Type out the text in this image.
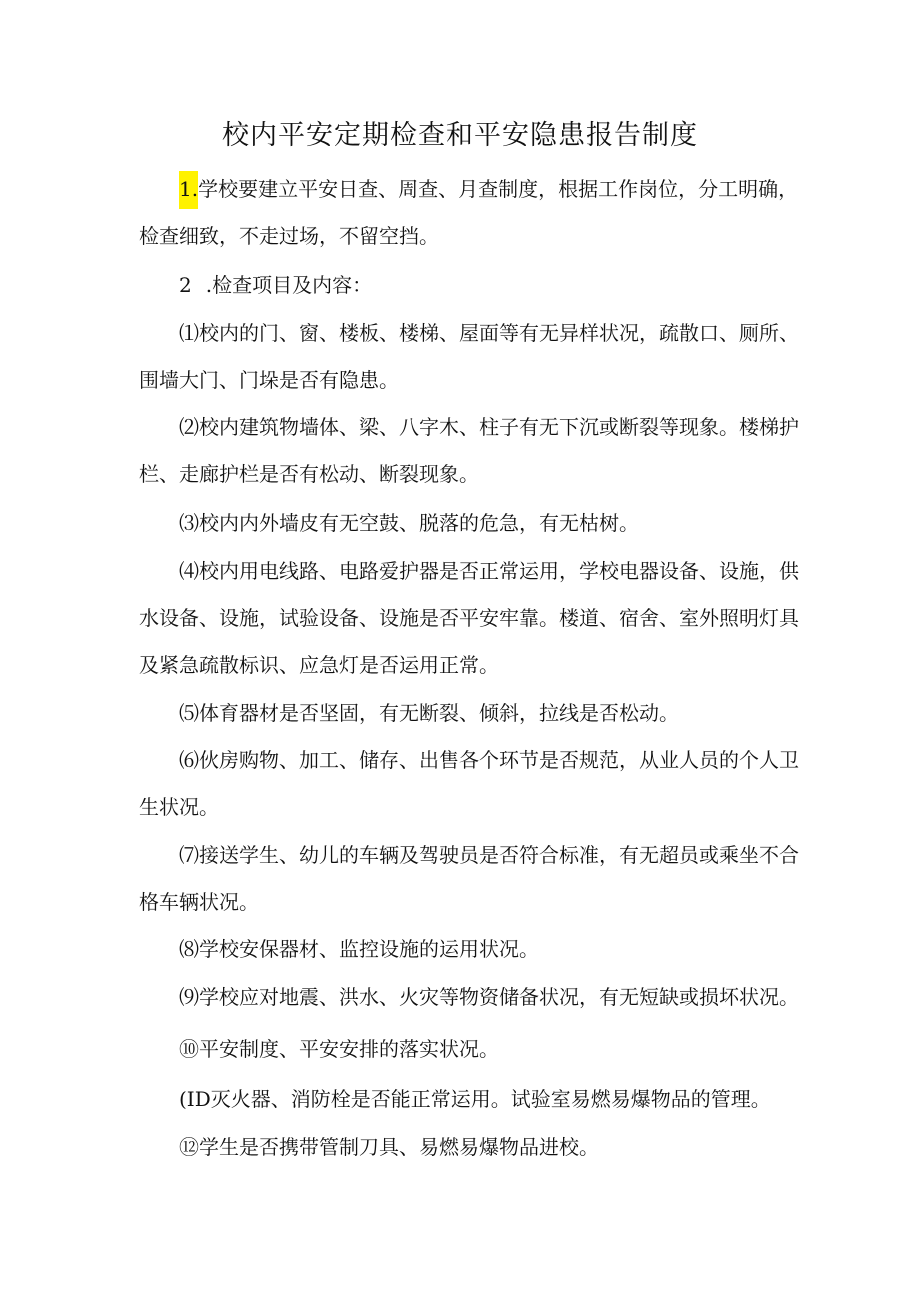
校内平安定期检查和平安隐患报告制度

1.学校要建立平安日查、周查、月查制度，根据工作岗位，分工明确，检查细致，不走过场，不留空挡。

2 .检查项目及内容：

⑴校内的门、窗、楼板、楼梯、屋面等有无异样状况，疏散口、厕所、围墙大门、门垛是否有隐患。

⑵校内建筑物墙体、梁、八字木、柱子有无下沉或断裂等现象。楼梯护栏、走廊护栏是否有松动、断裂现象。

⑶校内内外墙皮有无空鼓、脱落的危急，有无枯树。

⑷校内用电线路、电路爱护器是否正常运用，学校电器设备、设施，供水设备、设施，试验设备、设施是否平安牢靠。楼道、宿舍、室外照明灯具及紧急疏散标识、应急灯是否运用正常。

⑸体育器材是否坚固，有无断裂、倾斜，拉线是否松动。

⑹伙房购物、加工、储存、出售各个环节是否规范，从业人员的个人卫生状况。

⑺接送学生、幼儿的车辆及驾驶员是否符合标准，有无超员或乘坐不合格车辆状况。

⑻学校安保器材、监控设施的运用状况。

⑼学校应对地震、洪水、火灾等物资储备状况，有无短缺或损坏状况。

⑩平安制度、平安安排的落实状况。

(ID灭火器、消防栓是否能正常运用。试验室易燃易爆物品的管理。

⑫学生是否携带管制刀具、易燃易爆物品进校。
